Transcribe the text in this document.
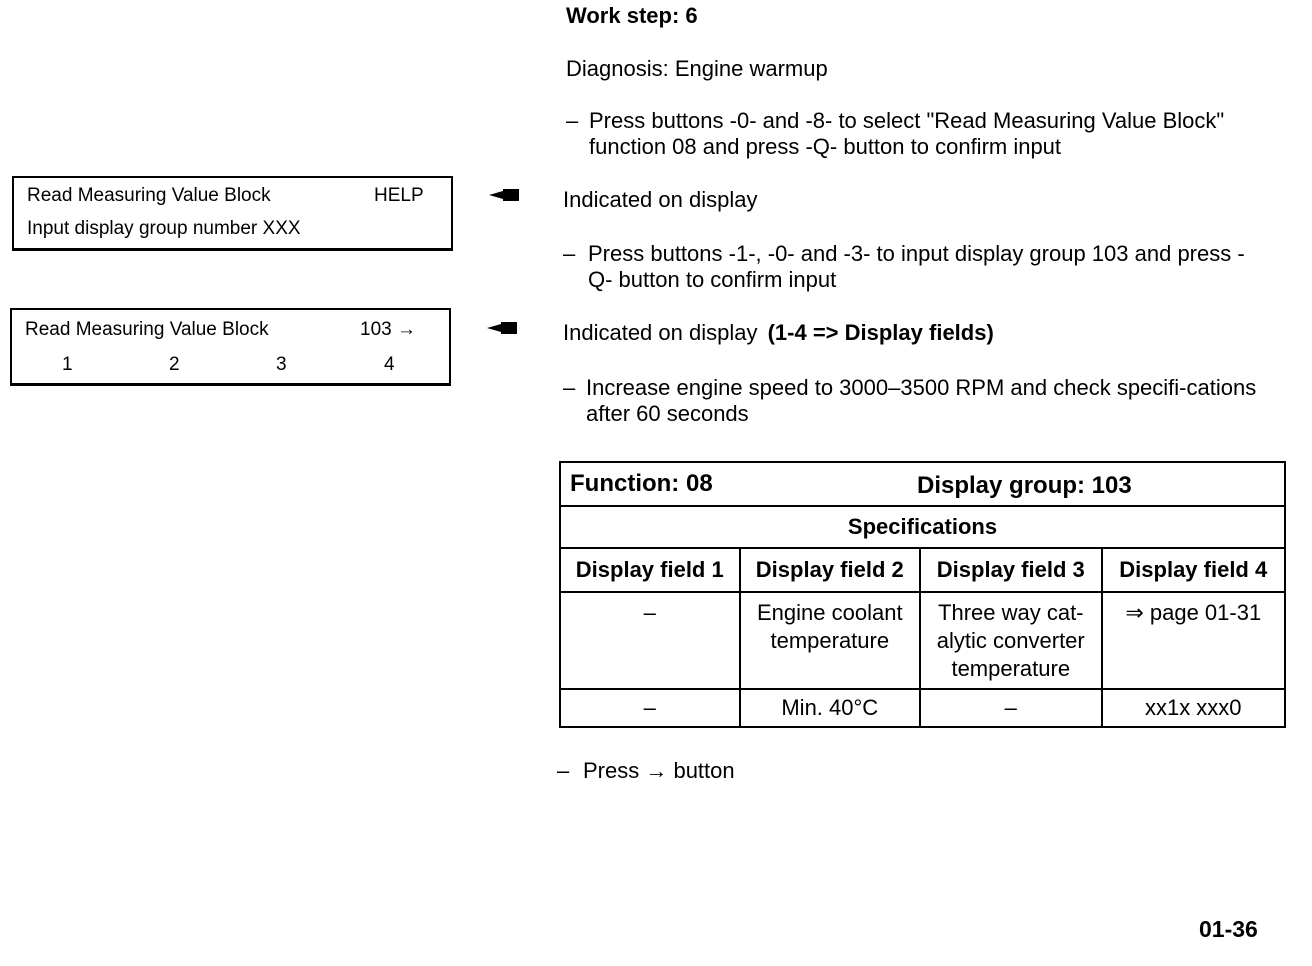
Work step: 6
Diagnosis: Engine warmup
– Press buttons -0- and -8- to select "Read Measuring Value Block" function 08 and press -Q- button to confirm input
Read Measuring Value Block	HELP
Input display group number XXX
Indicated on display
– Press buttons -1-, -0- and -3- to input display group 103 and press -Q- button to confirm input
Read Measuring Value Block	103 →
1	2	3	4
Indicated on display (1-4 => Display fields)
– Increase engine speed to 3000–3500 RPM and check specifi-cations after 60 seconds
Function: 08 Display group: 103			

Specifications			
Display field 1	Display field 2	Display field 3	Display field 4
–	Engine coolant temperature	Three way cat-alytic converter temperature	⇒ page 01-31
–	Min. 40°C	–	xx1x xxx0
– Press → button
01-36
